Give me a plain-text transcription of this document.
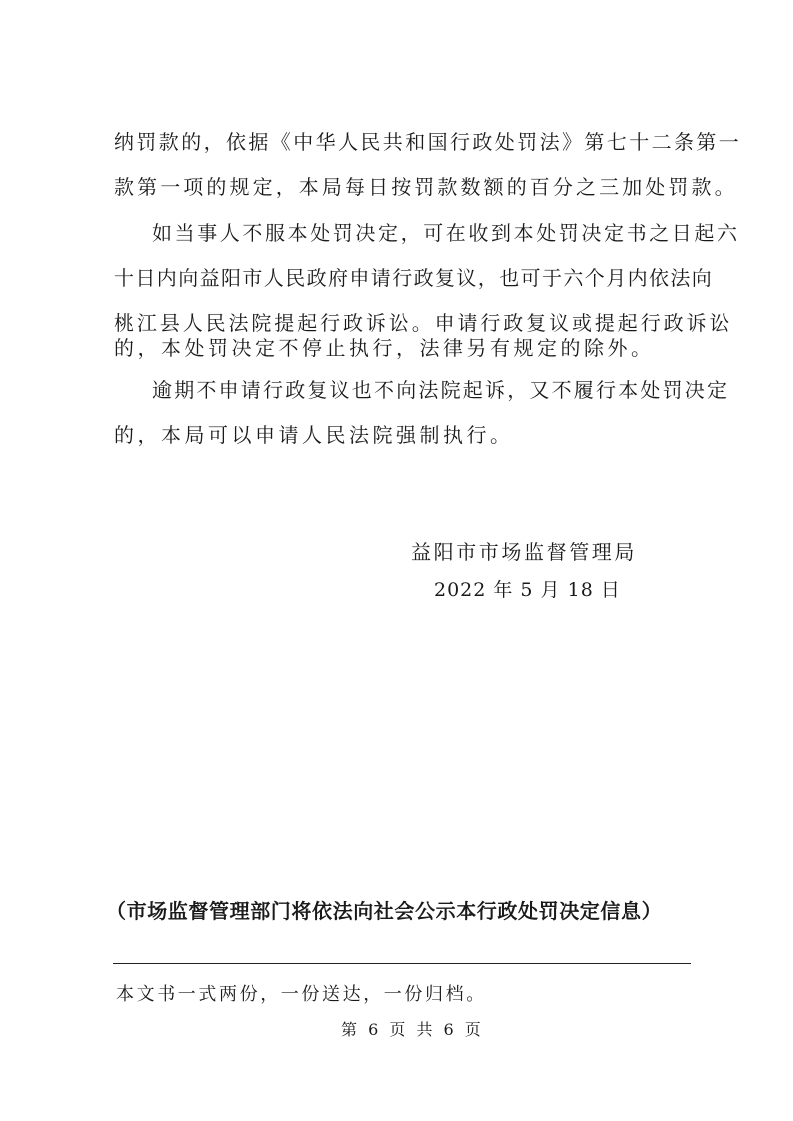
纳罚款的，依据《中华人民共和国行政处罚法》第七十二条第一
款第一项的规定，本局每日按罚款数额的百分之三加处罚款。
如当事人不服本处罚决定，可在收到本处罚决定书之日起六
十日内向益阳市人民政府申请行政复议，也可于六个月内依法向
桃江县人民法院提起行政诉讼。申请行政复议或提起行政诉讼
的，本处罚决定不停止执行，法律另有规定的除外。
逾期不申请行政复议也不向法院起诉，又不履行本处罚决定
的，本局可以申请人民法院强制执行。
益阳市市场监督管理局
2022 年 5 月 18 日
（市场监督管理部门将依法向社会公示本行政处罚决定信息）
本文书一式两份，一份送达，一份归档。
第 6 页 共 6 页
